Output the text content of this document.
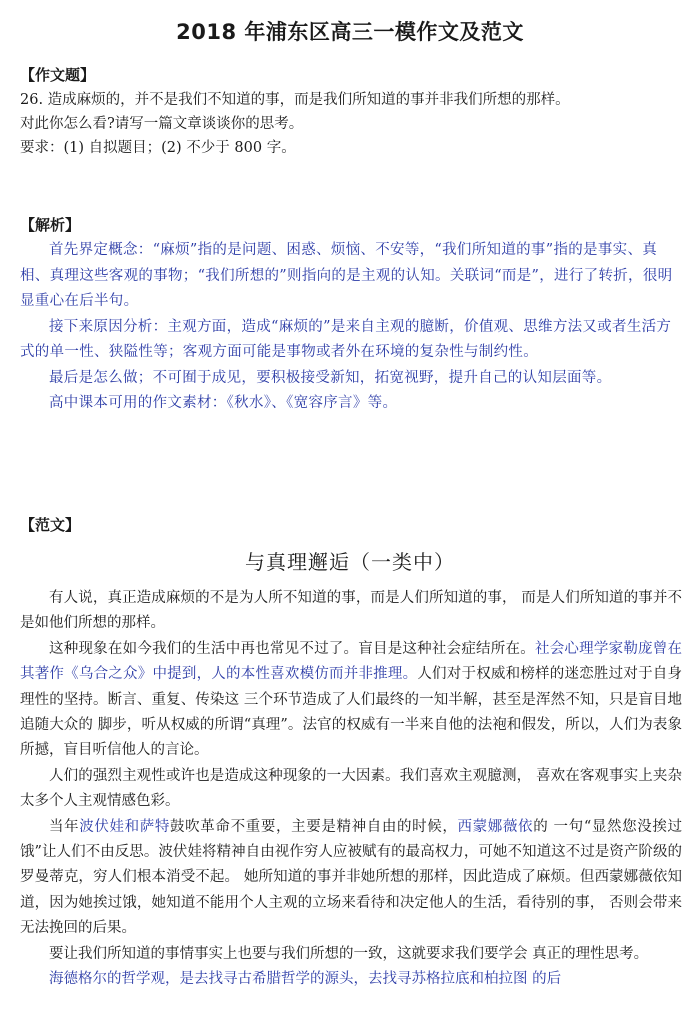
2018 年浦东区高三一模作文及范文
【作文题】

26. 造成麻烦的，并不是我们不知道的事，而是我们所知道的事并非我们所想的那样。

对此你怎么看?请写一篇文章谈谈你的思考。

要求：(1) 自拟题目；(2) 不少于 800 字。

【解析】

首先界定概念：“麻烦”指的是问题、困惑、烦恼、不安等，“我们所知道的事”指的是事实、真相、真理这些客观的事物；“我们所想的”则指向的是主观的认知。关联词“而是”，进行了转折，很明显重心在后半句。

接下来原因分析：主观方面，造成“麻烦的”是来自主观的臆断，价值观、思维方法又或者生活方式的单一性、狭隘性等；客观方面可能是事物或者外在环境的复杂性与制约性。

最后是怎么做；不可囿于成见，要积极接受新知，拓宽视野，提升自己的认知层面等。

高中课本可用的作文素材：《秋水》、《宽容序言》等。

【范文】
与真理邂逅（一类中）

有人说，真正造成麻烦的不是为人所不知道的事，而是人们所知道的事， 而是人们所知道的事并不是如他们所想的那样。

这种现象在如今我们的生活中再也常见不过了。盲目是这种社会症结所在。社会心理学家勒庞曾在其著作《乌合之众》中提到，人的本性喜欢模仿而并非推理。人们对于权威和榜样的迷恋胜过对于自身理性的坚持。断言、重复、传染这 三个环节造成了人们最终的一知半解，甚至是浑然不知，只是盲目地追随大众的 脚步，听从权威的所谓“真理”。法官的权威有一半来自他的法袍和假发，所以，人们为表象所撼，盲目听信他人的言论。

人们的强烈主观性或许也是造成这种现象的一大因素。我们喜欢主观臆测， 喜欢在客观事实上夹杂太多个人主观情感色彩。

当年波伏娃和萨特鼓吹革命不重要，主要是精神自由的时候，西蒙娜薇依的 一句“显然您没挨过饿”让人们不由反思。波伏娃将精神自由视作穷人应被赋有的最高权力，可她不知道这不过是资产阶级的罗曼蒂克，穷人们根本消受不起。 她所知道的事并非她所想的那样，因此造成了麻烦。但西蒙娜薇依知道，因为她挨过饿，她知道不能用个人主观的立场来看待和决定他人的生活，看待别的事， 否则会带来无法挽回的后果。

要让我们所知道的事情事实上也要与我们所想的一致，这就要求我们要学会 真正的理性思考。

海德格尔的哲学观，是去找寻古希腊哲学的源头，去找寻苏格拉底和柏拉图 的后
